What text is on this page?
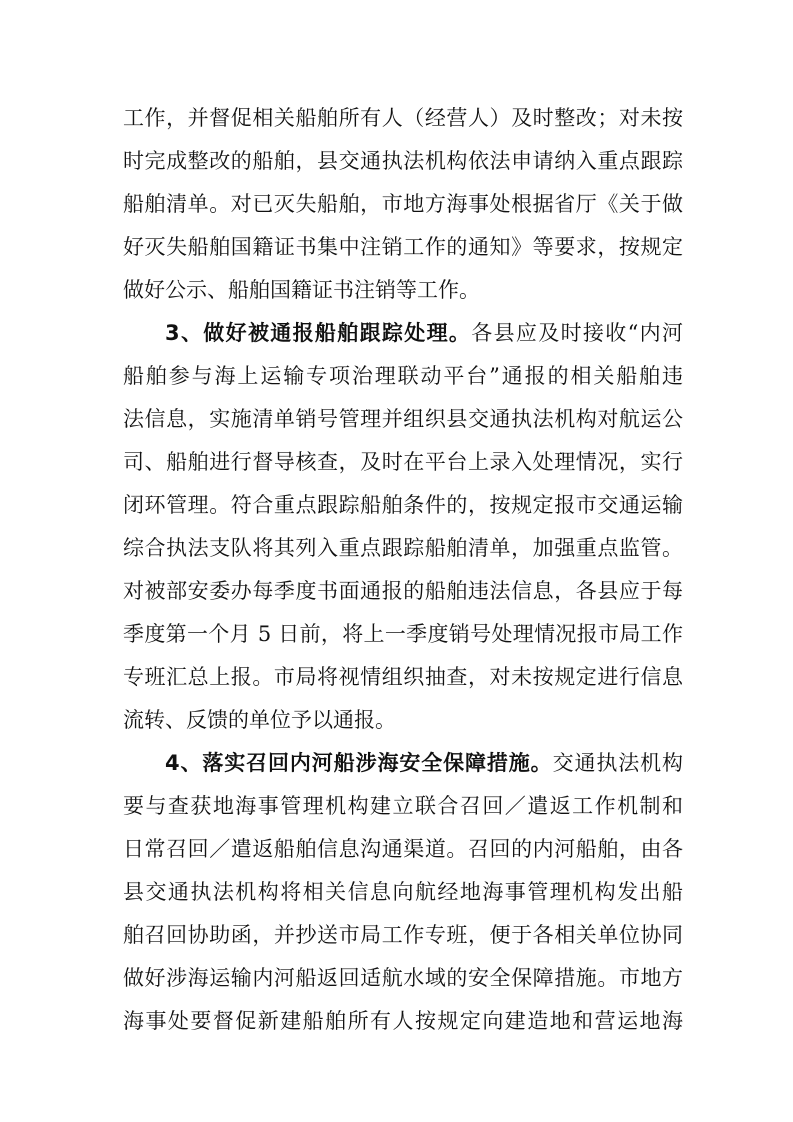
工作，并督促相关船舶所有人（经营人）及时整改；对未按
时完成整改的船舶，县交通执法机构依法申请纳入重点跟踪
船舶清单。对已灭失船舶，市地方海事处根据省厅《关于做
好灭失船舶国籍证书集中注销工作的通知》等要求，按规定
做好公示、船舶国籍证书注销等工作。
3、做好被通报船舶跟踪处理。各县应及时接收“内河
船舶参与海上运输专项治理联动平台”通报的相关船舶违
法信息，实施清单销号管理并组织县交通执法机构对航运公
司、船舶进行督导核查，及时在平台上录入处理情况，实行
闭环管理。符合重点跟踪船舶条件的，按规定报市交通运输
综合执法支队将其列入重点跟踪船舶清单，加强重点监管。
对被部安委办每季度书面通报的船舶违法信息，各县应于每
季度第一个月 5 日前，将上一季度销号处理情况报市局工作
专班汇总上报。市局将视情组织抽查，对未按规定进行信息
流转、反馈的单位予以通报。
4、落实召回内河船涉海安全保障措施。交通执法机构
要与查获地海事管理机构建立联合召回／遣返工作机制和
日常召回／遣返船舶信息沟通渠道。召回的内河船舶，由各
县交通执法机构将相关信息向航经地海事管理机构发出船
舶召回协助函，并抄送市局工作专班，便于各相关单位协同
做好涉海运输内河船返回适航水域的安全保障措施。市地方
海事处要督促新建船舶所有人按规定向建造地和营运地海
